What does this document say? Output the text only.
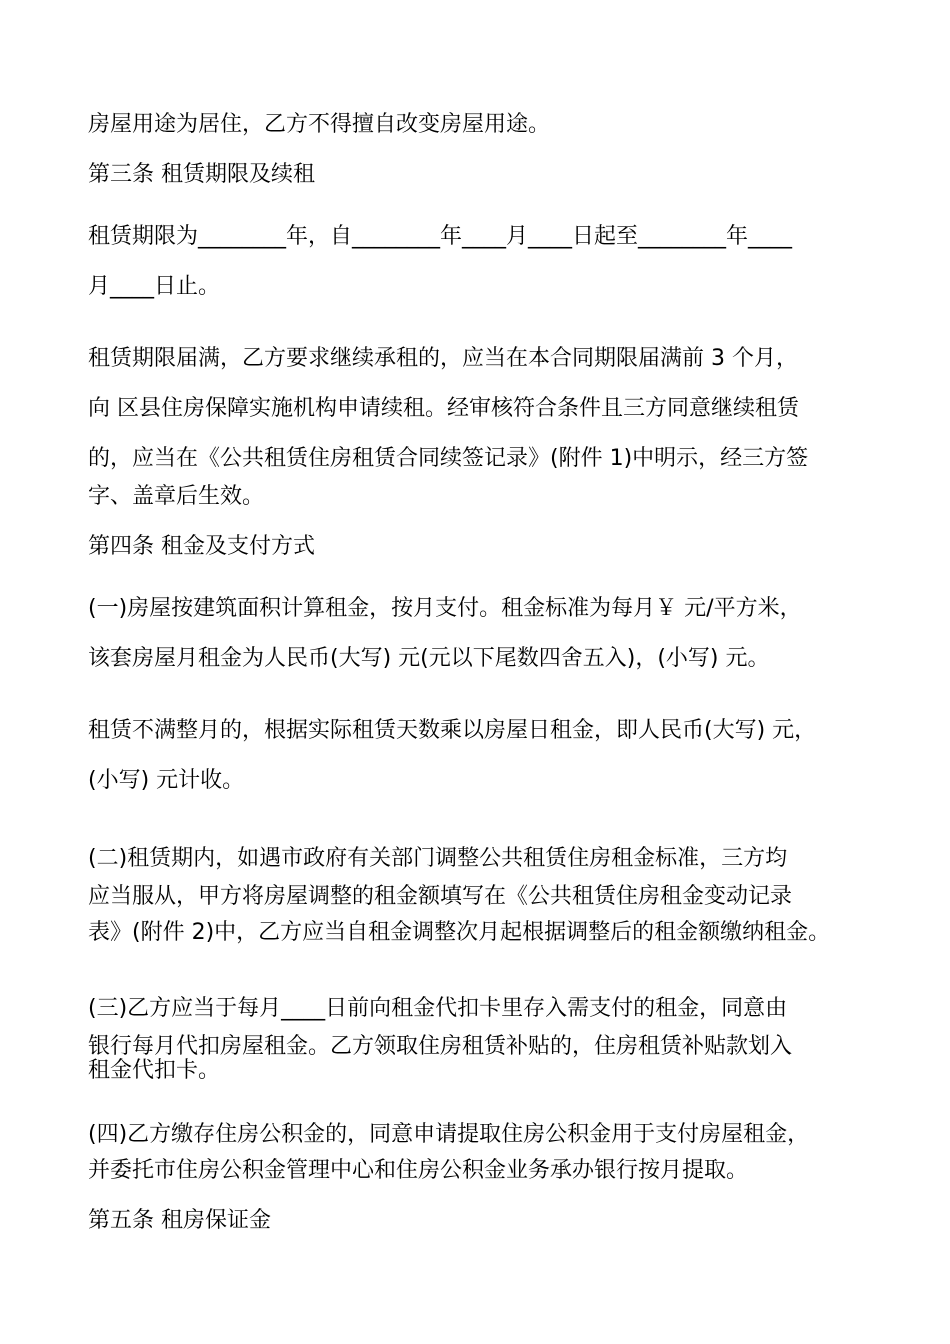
房屋用途为居住，乙方不得擅自改变房屋用途。
第三条 租赁期限及续租
租赁期限为________年，自________年____月____日起至________年____
月____日止。
租赁期限届满，乙方要求继续承租的，应当在本合同期限届满前 3 个月，
向 区县住房保障实施机构申请续租。经审核符合条件且三方同意继续租赁
的，应当在《公共租赁住房租赁合同续签记录》(附件 1)中明示，经三方签
字、盖章后生效。
第四条 租金及支付方式
(一)房屋按建筑面积计算租金，按月支付。租金标准为每月￥ 元/平方米，
该套房屋月租金为人民币(大写) 元(元以下尾数四舍五入)，(小写) 元。
租赁不满整月的，根据实际租赁天数乘以房屋日租金，即人民币(大写) 元，
(小写) 元计收。
(二)租赁期内，如遇市政府有关部门调整公共租赁住房租金标准，三方均
应当服从，甲方将房屋调整的租金额填写在《公共租赁住房租金变动记录
表》(附件 2)中，乙方应当自租金调整次月起根据调整后的租金额缴纳租金。
(三)乙方应当于每月____日前向租金代扣卡里存入需支付的租金，同意由
银行每月代扣房屋租金。乙方领取住房租赁补贴的，住房租赁补贴款划入
租金代扣卡。
(四)乙方缴存住房公积金的，同意申请提取住房公积金用于支付房屋租金，
并委托市住房公积金管理中心和住房公积金业务承办银行按月提取。
第五条 租房保证金
